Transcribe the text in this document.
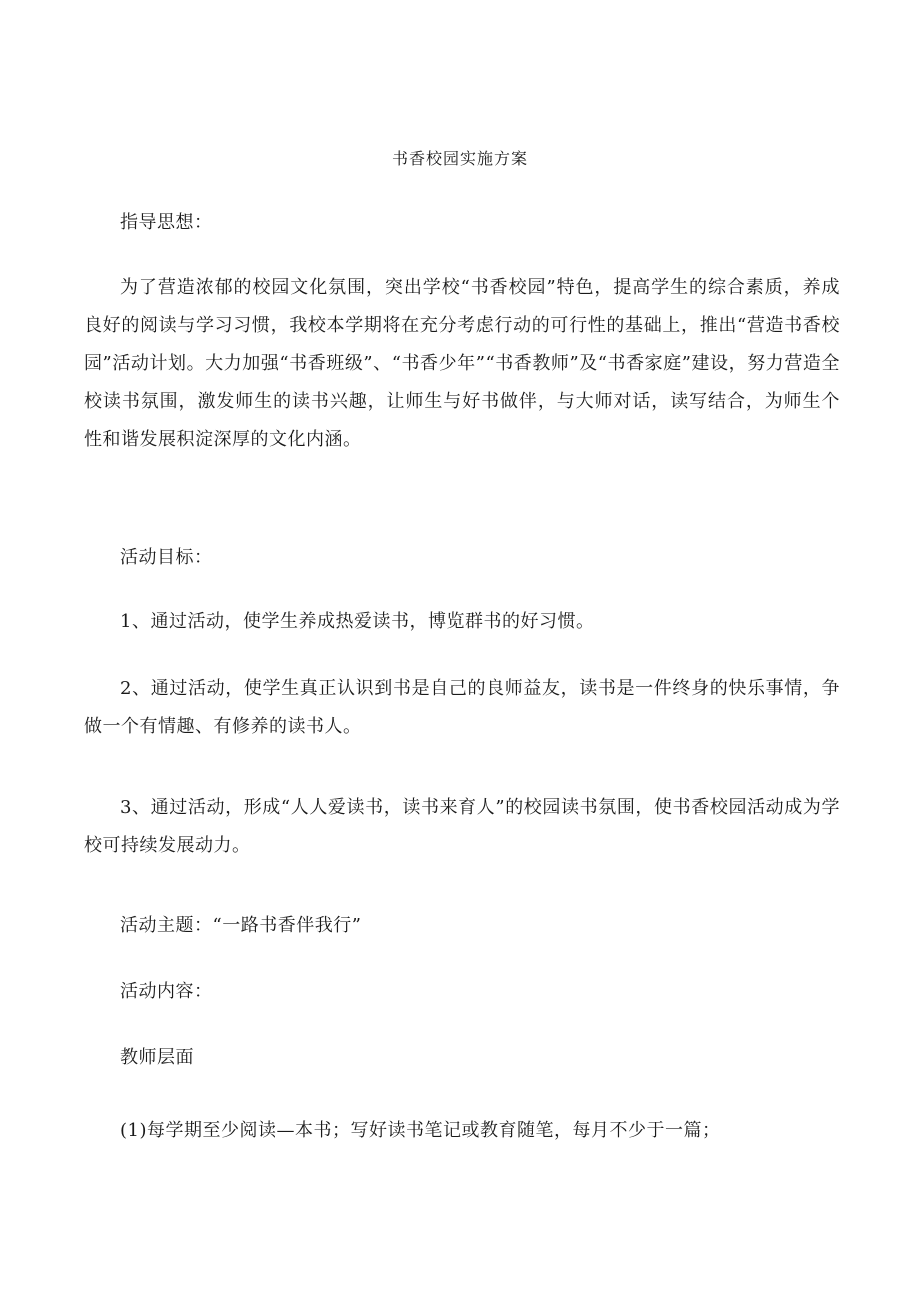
书香校园实施方案

指导思想：

为了营造浓郁的校园文化氛围，突出学校“书香校园”特色，提高学生的综合素质，养成良好的阅读与学习习惯，我校本学期将在充分考虑行动的可行性的基础上，推出“营造书香校园”活动计划。大力加强“书香班级”、“书香少年”“书香教师”及“书香家庭”建设，努力营造全校读书氛围，激发师生的读书兴趣，让师生与好书做伴，与大师对话，读写结合，为师生个性和谐发展积淀深厚的文化内涵。

活动目标：

1、通过活动，使学生养成热爱读书，博览群书的好习惯。

2、通过活动，使学生真正认识到书是自己的良师益友，读书是一件终身的快乐事情，争做一个有情趣、有修养的读书人。

3、通过活动，形成“人人爱读书，读书来育人”的校园读书氛围，使书香校园活动成为学校可持续发展动力。

活动主题：“一路书香伴我行”

活动内容：

教师层面

(1)每学期至少阅读—本书；写好读书笔记或教育随笔，每月不少于一篇；
